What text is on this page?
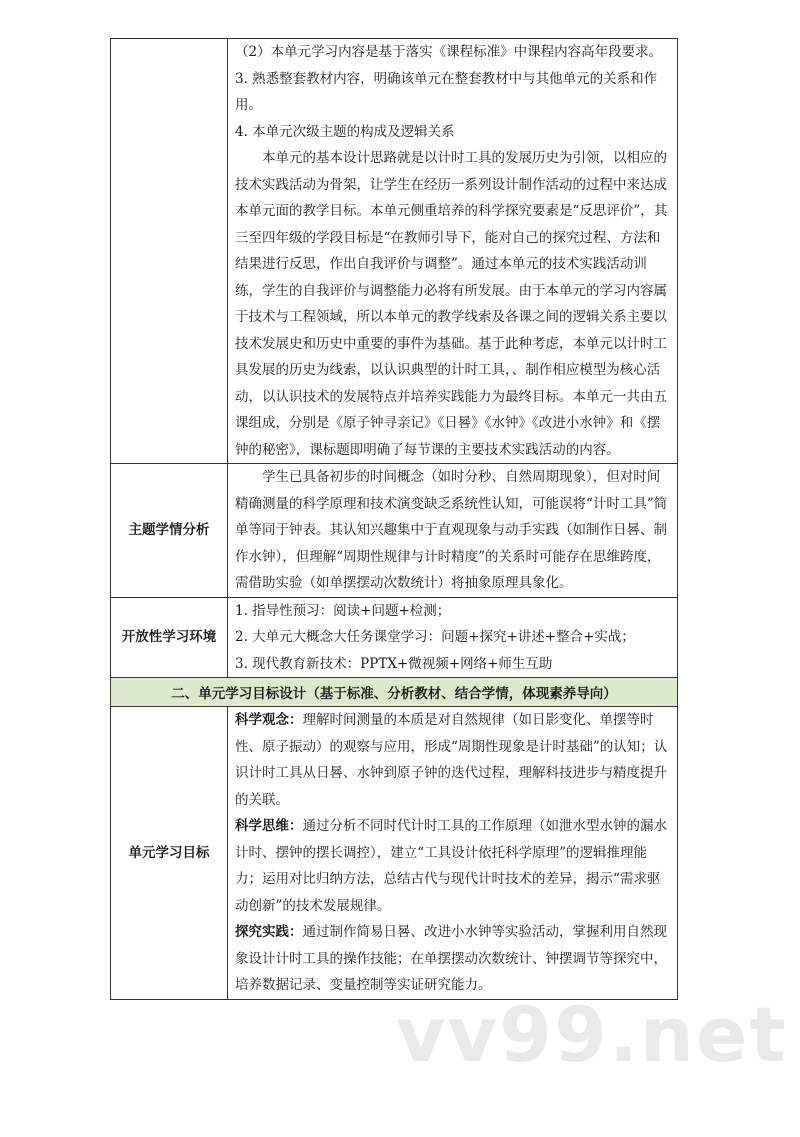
	（2）本单元学习内容是基于落实《课程标准》中课程内容高年段要求。

3. 熟悉整套教材内容，明确该单元在整套教材中与其他单元的关系和作用。

4. 本单元次级主题的构成及逻辑关系

本单元的基本设计思路就是以计时工具的发展历史为引领，以相应的技术实践活动为骨架，让学生在经历一系列设计制作活动的过程中来达成本单元面的教学目标。本单元侧重培养的科学探究要素是“反思评价”，其三至四年级的学段目标是“在教师引导下，能对自己的探究过程、方法和结果进行反思，作出自我评价与调整”。通过本单元的技术实践活动训练，学生的自我评价与调整能力必将有所发展。由于本单元的学习内容属于技术与工程领域，所以本单元的教学线索及各课之间的逻辑关系主要以技术发展史和历史中重要的事件为基础。基于此种考虑，本单元以计时工具发展的历史为线索，以认识典型的计时工具，、制作相应模型为核心活动，以认识技术的发展特点并培养实践能力为最终目标。本单元一共由五课组成，分别是《原子钟寻亲记》《日晷》《水钟》《改进小水钟》和《摆钟的秘密》，课标题即明确了每节课的主要技术实践活动的内容。

主题学情分析	学生已具备初步的时间概念（如时分秒、自然周期现象），但对时间精确测量的科学原理和技术演变缺乏系统性认知，可能误将“计时工具”简单等同于钟表。其认知兴趣集中于直观现象与动手实践（如制作日晷、制作水钟），但理解“周期性规律与计时精度”的关系时可能存在思维跨度，需借助实验（如单摆摆动次数统计）将抽象原理具象化。

开放性学习环境	1. 指导性预习：阅读+问题+检测；

2. 大单元大概念大任务课堂学习：问题+探究+讲述+整合+实战；

3. 现代教育新技术：PPTX+微视频+网络+师生互助

二、单元学习目标设计（基于标准、分析教材、结合学情，体现素养导向）	
单元学习目标	科学观念：理解时间测量的本质是对自然规律（如日影变化、单摆等时性、原子振动）的观察与应用，形成“周期性现象是计时基础”的认知；认识计时工具从日晷、水钟到原子钟的迭代过程，理解科技进步与精度提升的关联。

科学思维：通过分析不同时代计时工具的工作原理（如泄水型水钟的漏水计时、摆钟的摆长调控），建立“工具设计依托科学原理”的逻辑推理能力；运用对比归纳方法，总结古代与现代计时技术的差异，揭示“需求驱动创新”的技术发展规律。

探究实践：通过制作简易日晷、改进小水钟等实验活动，掌握利用自然现象设计计时工具的操作技能；在单摆摆动次数统计、钟摆调节等探究中，培养数据记录、变量控制等实证研究能力。

vv99.net
